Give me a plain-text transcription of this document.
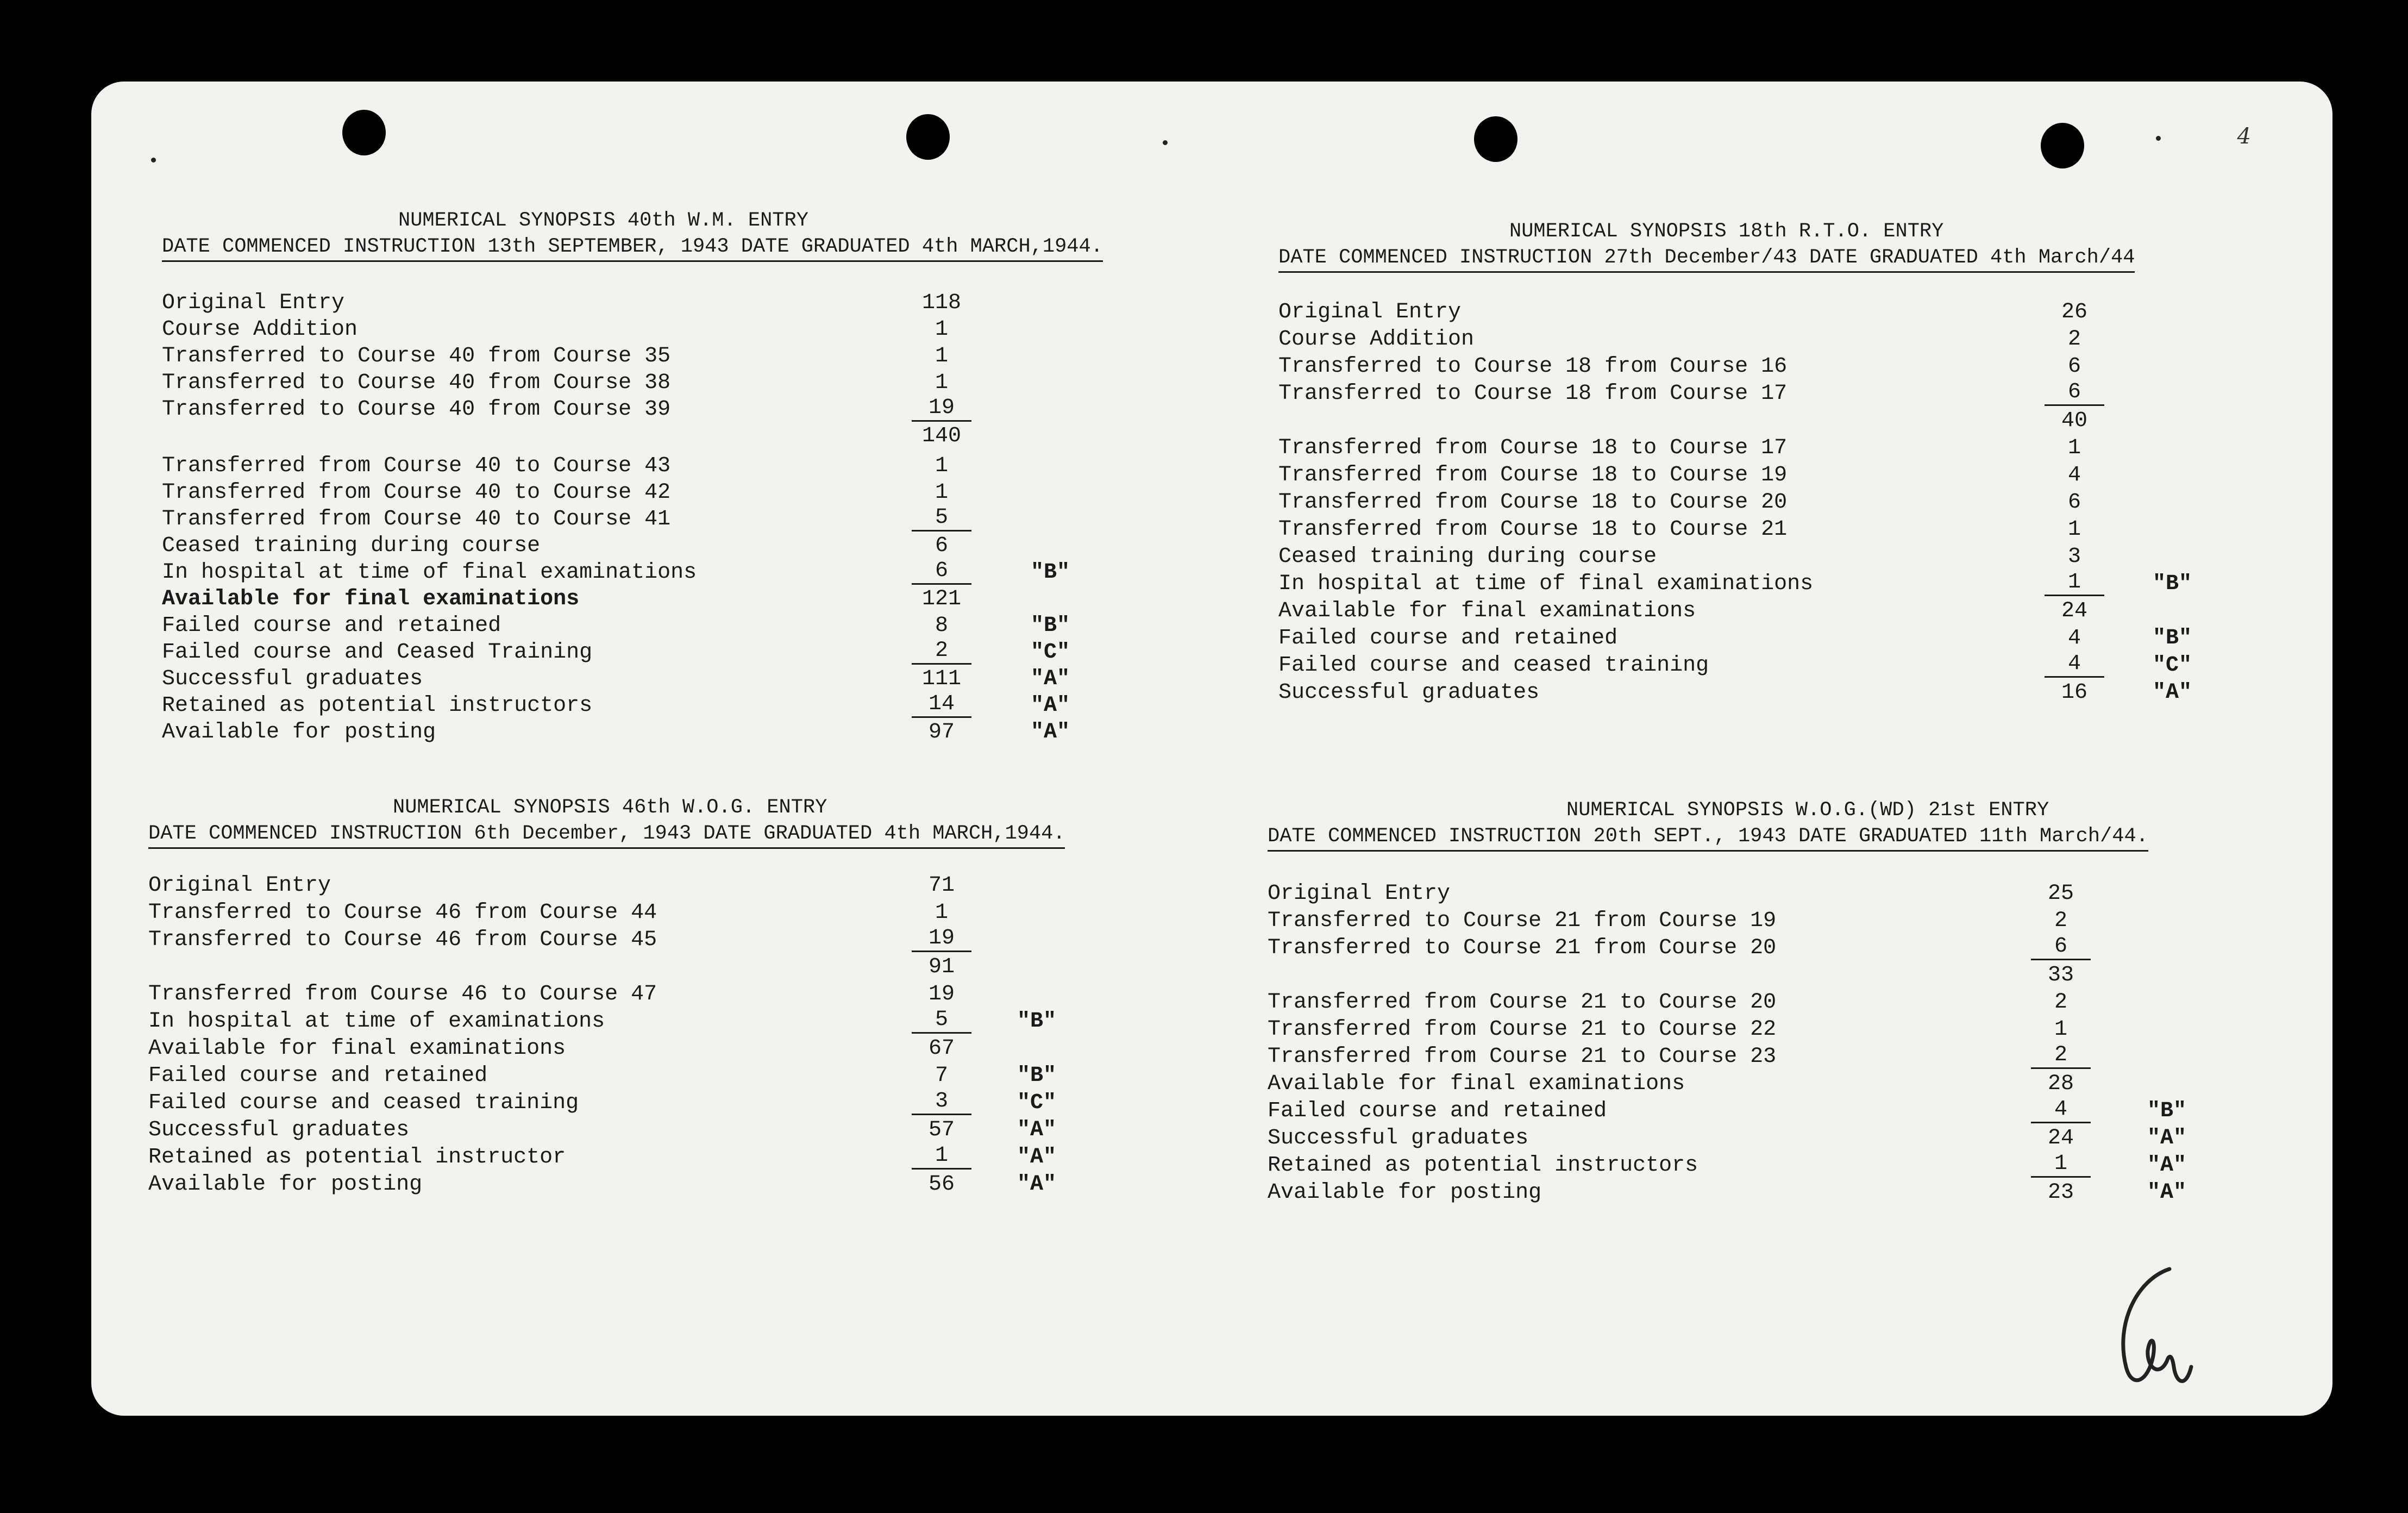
4
NUMERICAL SYNOPSIS 40th W.M. ENTRY
DATE COMMENCED INSTRUCTION 13th SEPTEMBER, 1943 DATE GRADUATED 4th MARCH,1944.
Original Entry	118
Course Addition	1
Transferred to Course 40 from Course 35	1
Transferred to Course 40 from Course 38	1
Transferred to Course 40 from Course 39	19
140
Transferred from Course 40 to Course 43	1
Transferred from Course 40 to Course 42	1
Transferred from Course 40 to Course 41	5
Ceased training during course	6
In hospital at time of final examinations	6	"B"
Available for final examinations	121
Failed course and retained	8	"B"
Failed course and Ceased Training	2	"C"
Successful graduates	111	"A"
Retained as potential instructors	14	"A"
Available for posting	97	"A"
NUMERICAL SYNOPSIS 18th R.T.O. ENTRY
DATE COMMENCED INSTRUCTION 27th December/43 DATE GRADUATED 4th March/44
Original Entry	26
Course Addition	2
Transferred to Course 18 from Course 16	6
Transferred to Course 18 from Course 17	6
40
Transferred from Course 18 to Course 17	1
Transferred from Course 18 to Course 19	4
Transferred from Course 18 to Course 20	6
Transferred from Course 18 to Course 21	1
Ceased training during course	3
In hospital at time of final examinations	1	"B"
Available for final examinations	24
Failed course and retained	4	"B"
Failed course and ceased training	4	"C"
Successful graduates	16	"A"
NUMERICAL SYNOPSIS 46th W.O.G. ENTRY
DATE COMMENCED INSTRUCTION 6th December, 1943 DATE GRADUATED 4th MARCH,1944.
Original Entry	71
Transferred to Course 46 from Course 44	1
Transferred to Course 46 from Course 45	19
91
Transferred from Course 46 to Course 47	19
In hospital at time of examinations	5	"B"
Available for final examinations	67
Failed course and retained	7	"B"
Failed course and ceased training	3	"C"
Successful graduates	57	"A"
Retained as potential instructor	1	"A"
Available for posting	56	"A"
NUMERICAL SYNOPSIS W.O.G.(WD) 21st ENTRY
DATE COMMENCED INSTRUCTION 20th SEPT., 1943 DATE GRADUATED 11th March/44.
Original Entry	25
Transferred to Course 21 from Course 19	2
Transferred to Course 21 from Course 20	6
33
Transferred from Course 21 to Course 20	2
Transferred from Course 21 to Course 22	1
Transferred from Course 21 to Course 23	2
Available for final examinations	28
Failed course and retained	4	"B"
Successful graduates	24	"A"
Retained as potential instructors	1	"A"
Available for posting	23	"A"
